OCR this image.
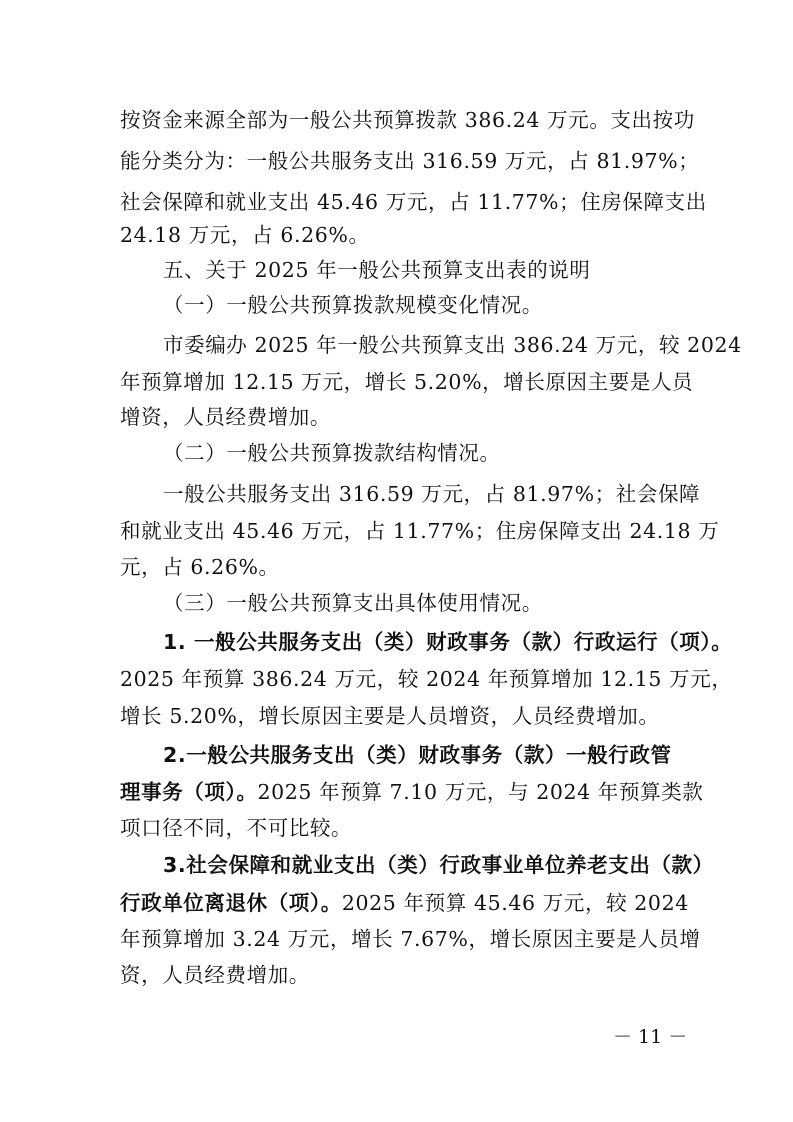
按资金来源全部为一般公共预算拨款 386.24 万元。支出按功
能分类分为：一般公共服务支出 316.59 万元，占 81.97%；
社会保障和就业支出 45.46 万元，占 11.77%；住房保障支出
24.18 万元，占 6.26%。
五、关于 2025 年一般公共预算支出表的说明
（一）一般公共预算拨款规模变化情况。
市委编办 2025 年一般公共预算支出 386.24 万元，较 2024
年预算增加 12.15 万元，增长 5.20%，增长原因主要是人员
增资，人员经费增加。
（二）一般公共预算拨款结构情况。
一般公共服务支出 316.59 万元，占 81.97%；社会保障
和就业支出 45.46 万元，占 11.77%；住房保障支出 24.18 万
元，占 6.26%。
（三）一般公共预算支出具体使用情况。
1. 一般公共服务支出（类）财政事务（款）行政运行（项）。
2025 年预算 386.24 万元，较 2024 年预算增加 12.15 万元，
增长 5.20%，增长原因主要是人员增资，人员经费增加。
2.一般公共服务支出（类）财政事务（款）一般行政管
理事务（项）。2025 年预算 7.10 万元，与 2024 年预算类款
项口径不同，不可比较。
3.社会保障和就业支出（类）行政事业单位养老支出（款）
行政单位离退休（项）。2025 年预算 45.46 万元，较 2024
年预算增加 3.24 万元，增长 7.67%，增长原因主要是人员增
资，人员经费增加。
－ 11 －
